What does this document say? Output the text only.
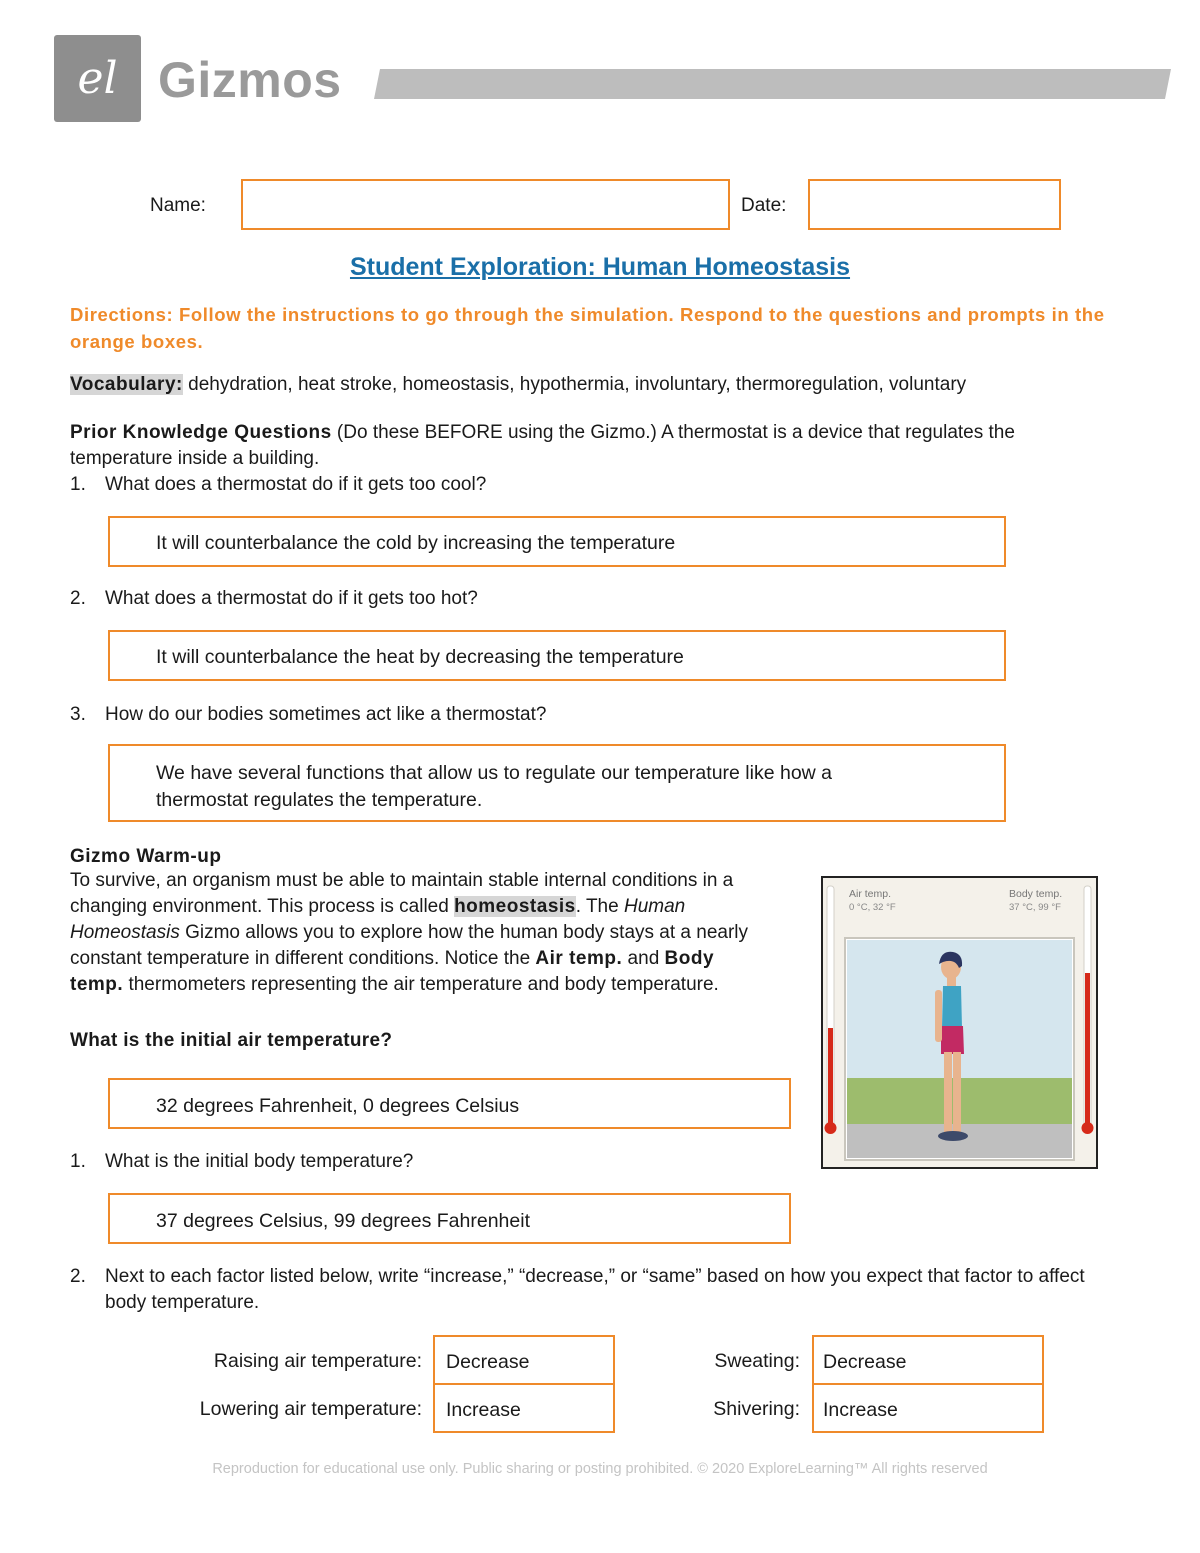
el Gizmos
Name:	Date:
Student Exploration: Human Homeostasis
Directions: Follow the instructions to go through the simulation. Respond to the questions and prompts in the orange boxes.
Vocabulary: dehydration, heat stroke, homeostasis, hypothermia, involuntary, thermoregulation, voluntary
Prior Knowledge Questions (Do these BEFORE using the Gizmo.) A thermostat is a device that regulates the temperature inside a building.
1. What does a thermostat do if it gets too cool?
It will counterbalance the cold by increasing the temperature
2. What does a thermostat do if it gets too hot?
It will counterbalance the heat by decreasing the temperature
3. How do our bodies sometimes act like a thermostat?
We have several functions that allow us to regulate our temperature like how a thermostat regulates the temperature.
Gizmo Warm-up
To survive, an organism must be able to maintain stable internal conditions in a changing environment. This process is called homeostasis. The Human Homeostasis Gizmo allows you to explore how the human body stays at a nearly constant temperature in different conditions. Notice the Air temp. and Body temp. thermometers representing the air temperature and body temperature.
What is the initial air temperature?
32 degrees Fahrenheit, 0 degrees Celsius
1. What is the initial body temperature?
37 degrees Celsius, 99 degrees Fahrenheit
2.	Next to each factor listed below, write “increase,” “decrease,” or “same” based on how you expect that factor to affect body temperature.
Raising air temperature: Decrease
Lowering air temperature: Increase
Sweating: Decrease
Shivering: Increase
Air temp.
0 °C, 32 °F
Body temp.
37 °C, 99 °F
Reproduction for educational use only. Public sharing or posting prohibited. © 2020 ExploreLearning™ All rights reserved
